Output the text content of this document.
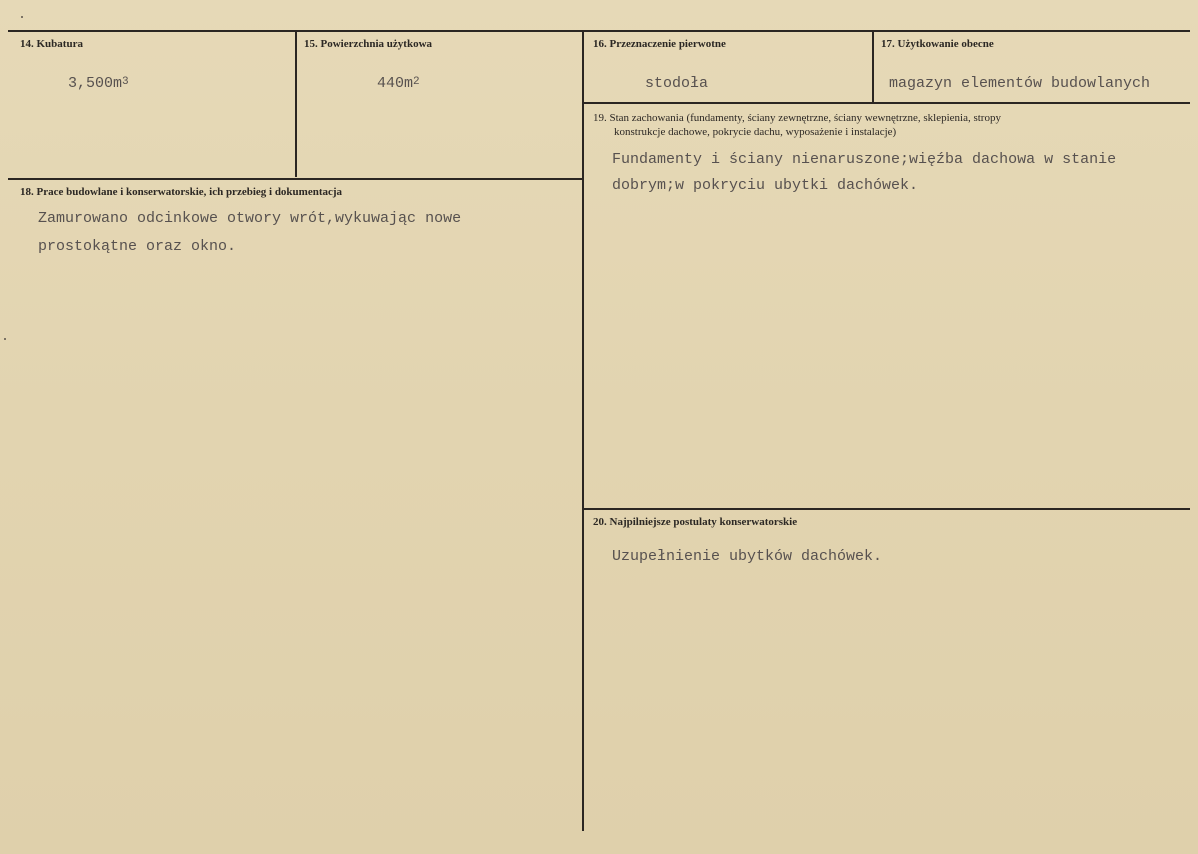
14. Kubatura
$3,500m^3$
15. Powierzchnia użytkowa
$440m^2$
16. Przeznaczenie pierwotne
stodoła
17. Użytkowanie obecne
magazyn elementów budowlanych
18. Prace budowlane i konserwatorskie, ich przebieg i dokumentacja
Zamurowano odcinkowe otwory wrót,wykuwając nowe
prostokątne oraz okno.
19. Stan zachowania (fundamenty, ściany zewnętrzne, ściany wewnętrzne, sklepienia, stropy
konstrukcje dachowe, pokrycie dachu, wyposażenie i instalacje)
Fundamenty i ściany nienaruszone;więźba dachowa w stanie
dobrym;w pokryciu ubytki dachówek.
20. Najpilniejsze postulaty konserwatorskie
Uzupełnienie ubytków dachówek.
